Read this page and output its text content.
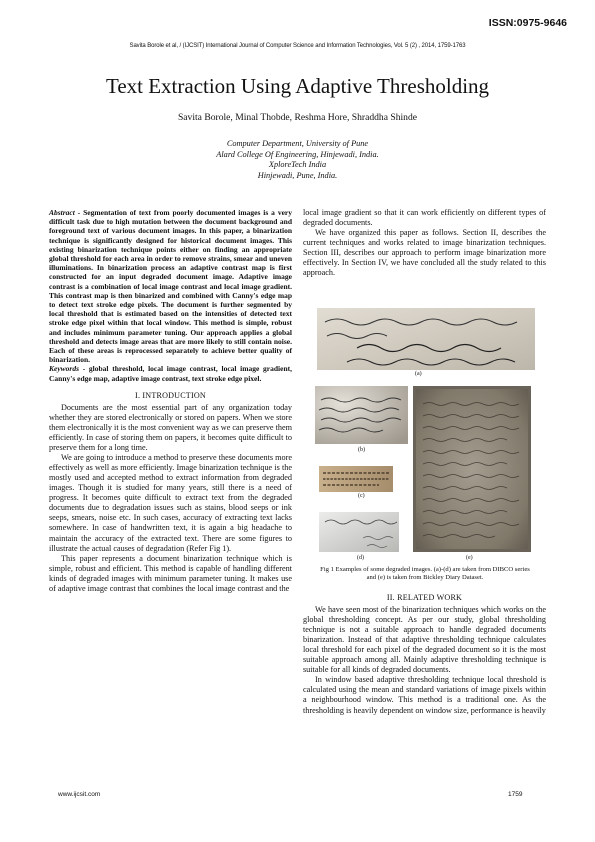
ISSN:0975-9646
Savita Borole et al, / (IJCSIT) International Journal of Computer Science and Information Technologies, Vol. 5 (2) , 2014, 1759-1763
Text Extraction Using Adaptive Thresholding
Savita Borole, Minal Thobde, Reshma Hore, Shraddha Shinde
Computer Department, University of Pune
Alard College Of Engineering, Hinjewadi, India.
XploreTech India
Hinjewadi, Pune, India.

Abstract - Segmentation of text from poorly documented images is a very difficult task due to high mutation between the document background and foreground text of various document images. In this paper, a binarization technique is significantly designed for historical document images. This existing binarization technique points either on finding an appropriate global threshold for each area in order to remove strains, smear and uneven illuminations. In binarization process an adaptive contrast map is first constructed for an input degraded document image. Adaptive image contrast is a combination of local image contrast and local image gradient. This contrast map is then binarized and combined with Canny's edge map to detect text stroke edge pixels. The document is further segmented by local threshold that is estimated based on the intensities of detected text stroke edge pixel within that local window. This method is simple, robust and includes minimum parameter tuning. Our approach applies a global threshold and detects image areas that are more likely to still contain noise. Each of these areas is reprocessed separately to achieve better quality of binarization.

Keywords - global threshold, local image contrast, local image gradient, Canny's edge map, adaptive image contrast, text stroke edge pixel.

I. INTRODUCTION

Documents are the most essential part of any organization today whether they are stored electronically or stored on papers. When we store them electronically it is the most convenient way as we can preserve them efficiently. In case of storing them on papers, it becomes quite difficult to preserve them for a long time.

We are going to introduce a method to preserve these documents more effectively as well as more efficiently. Image binarization technique is the mostly used and accepted method to extract information from degraded images. Though it is studied for many years, still there is a need of progress. It becomes quite difficult to extract text from the degraded documents due to degradation issues such as stains, blood seeps or ink seeps, smears, noise etc. In such cases, accuracy of extracting text lacks somewhere. In case of handwritten text, it is again a big headache to maintain the accuracy of the extracted text. There are some figures to illustrate the actual causes of degradation (Refer Fig 1).

This paper represents a document binarization technique which is simple, robust and efficient. This method is capable of handling different kinds of degraded images with minimum parameter tuning. It makes use of adaptive image contrast that combines the local image contrast and the

local image gradient so that it can work efficiently on different types of degraded documents.

We have organized this paper as follows. Section II, describes the current techniques and works related to image binarization techniques. Section III, describes our approach to perform image binarization more effectively. In Section IV, we have concluded all the study related to this approach.

(a)
(b)
(c)
(d)	(e)
Fig 1 Examples of some degraded images. (a)-(d) are taken from DIBCO series and (e) is taken from Bickley Diary Dataset.
II. RELATED WORK

We have seen most of the binarization techniques which works on the global thresholding concept. As per our study, global thresholding technique is not a suitable approach to handle degraded documents binarization. Instead of that adaptive thresholding technique calculates local threshold for each pixel of the degraded document so it is the most suitable approach among all. Mainly adaptive thresholding technique is suitable for all kinds of degraded documents.

In window based adaptive thresholding technique local threshold is calculated using the mean and standard variations of image pixels within a neighbourhood window. This method is a traditional one. As the thresholding is heavily dependent on window size, performance is heavily

www.ijcsit.com	1759
